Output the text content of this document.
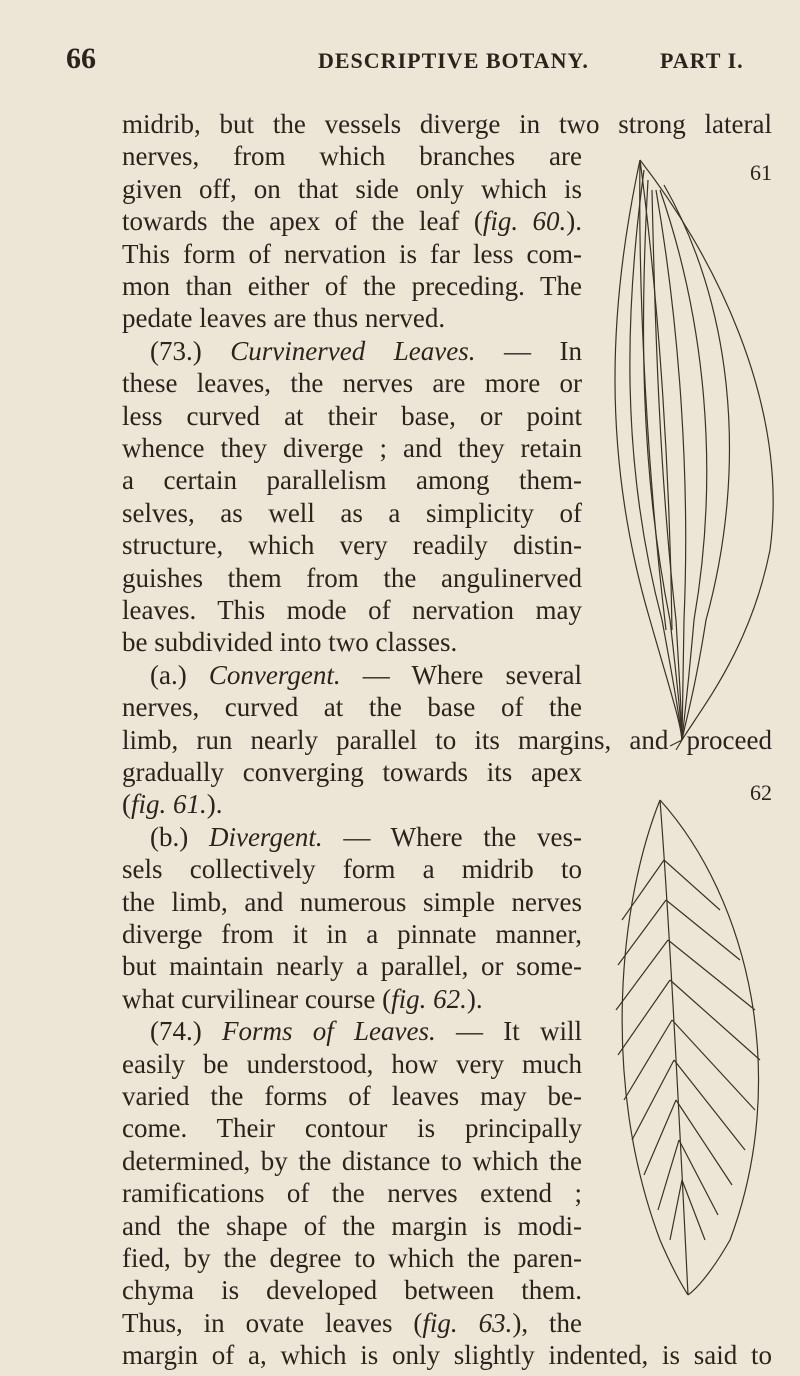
66	DESCRIPTIVE BOTANY.	PART I.
midrib, but the vessels diverge in two strong lateral
nerves, from which branches are
given off, on that side only which is
towards the apex of the leaf (fig. 60.).
This form of nervation is far less com-
mon than either of the preceding. The
pedate leaves are thus nerved.
(73.) Curvinerved Leaves. — In
these leaves, the nerves are more or
less curved at their base, or point
whence they diverge ; and they retain
a certain parallelism among them-
selves, as well as a simplicity of
structure, which very readily distin-
guishes them from the angulinerved
leaves. This mode of nervation may
be subdivided into two classes.
(a.) Convergent. — Where several
nerves, curved at the base of the
limb, run nearly parallel to its margins, and proceed
gradually converging towards its apex
(fig. 61.).
(b.) Divergent. — Where the ves-
sels collectively form a midrib to
the limb, and numerous simple nerves
diverge from it in a pinnate manner,
but maintain nearly a parallel, or some-
what curvilinear course (fig. 62.).
(74.) Forms of Leaves. — It will
easily be understood, how very much
varied the forms of leaves may be-
come. Their contour is principally
determined, by the distance to which the
ramifications of the nerves extend ;
and the shape of the margin is modi-
fied, by the degree to which the paren-
chyma is developed between them.
Thus, in ovate leaves (fig. 63.), the
61
62
margin of a, which is only slightly indented, is said to
